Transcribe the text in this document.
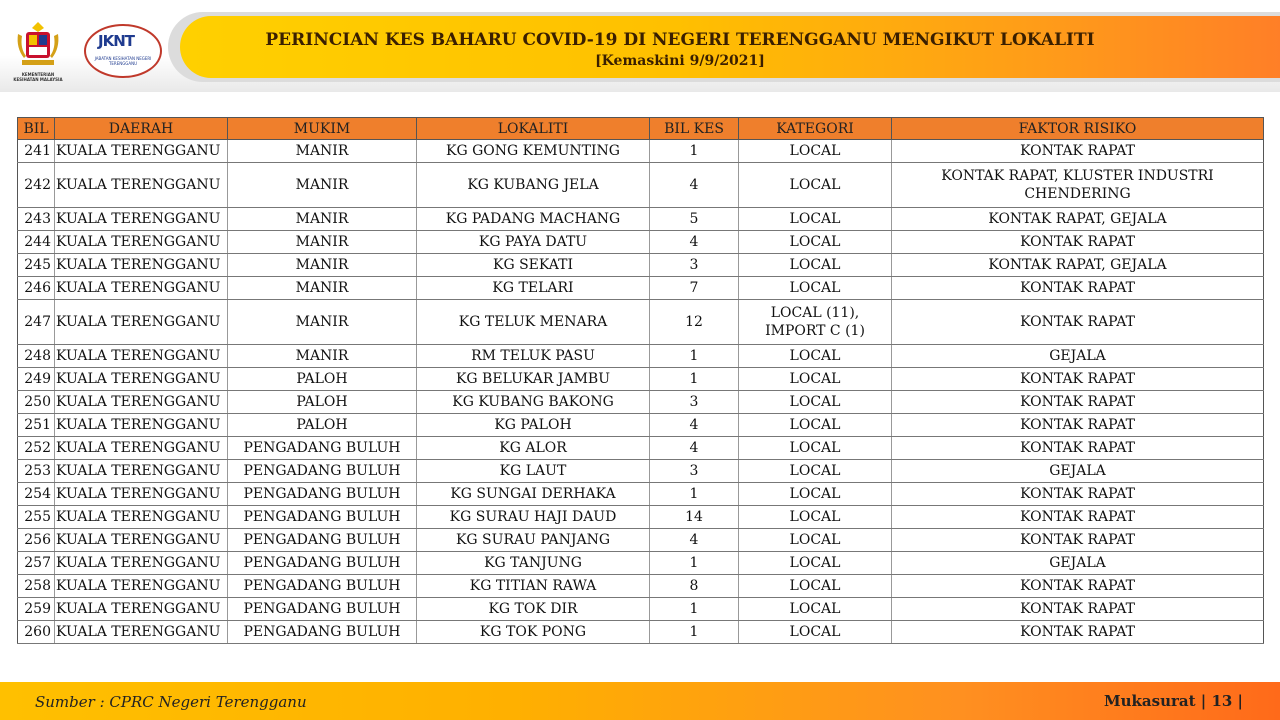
KEMENTERIAN KESIHATAN MALAYSIA
JKNT
JABATAN KESIHATAN NEGERI TERENGGANU
PERINCIAN KES BAHARU COVID-19 DI NEGERI TERENGGANU MENGIKUT LOKALITI
[Kemaskini 9/9/2021]
BIL	DAERAH	MUKIM	LOKALITI	BIL KES	KATEGORI	FAKTOR RISIKO
241	KUALA TERENGGANU	MANIR	KG GONG KEMUNTING	1	LOCAL	KONTAK RAPAT
242	KUALA TERENGGANU	MANIR	KG KUBANG JELA	4	LOCAL	KONTAK RAPAT, KLUSTER INDUSTRI CHENDERING
243	KUALA TERENGGANU	MANIR	KG PADANG MACHANG	5	LOCAL	KONTAK RAPAT, GEJALA
244	KUALA TERENGGANU	MANIR	KG PAYA DATU	4	LOCAL	KONTAK RAPAT
245	KUALA TERENGGANU	MANIR	KG SEKATI	3	LOCAL	KONTAK RAPAT, GEJALA
246	KUALA TERENGGANU	MANIR	KG TELARI	7	LOCAL	KONTAK RAPAT
247	KUALA TERENGGANU	MANIR	KG TELUK MENARA	12	LOCAL (11), IMPORT C (1)	KONTAK RAPAT
248	KUALA TERENGGANU	MANIR	RM TELUK PASU	1	LOCAL	GEJALA
249	KUALA TERENGGANU	PALOH	KG BELUKAR JAMBU	1	LOCAL	KONTAK RAPAT
250	KUALA TERENGGANU	PALOH	KG KUBANG BAKONG	3	LOCAL	KONTAK RAPAT
251	KUALA TERENGGANU	PALOH	KG PALOH	4	LOCAL	KONTAK RAPAT
252	KUALA TERENGGANU	PENGADANG BULUH	KG ALOR	4	LOCAL	KONTAK RAPAT
253	KUALA TERENGGANU	PENGADANG BULUH	KG LAUT	3	LOCAL	GEJALA
254	KUALA TERENGGANU	PENGADANG BULUH	KG SUNGAI DERHAKA	1	LOCAL	KONTAK RAPAT
255	KUALA TERENGGANU	PENGADANG BULUH	KG SURAU HAJI DAUD	14	LOCAL	KONTAK RAPAT
256	KUALA TERENGGANU	PENGADANG BULUH	KG SURAU PANJANG	4	LOCAL	KONTAK RAPAT
257	KUALA TERENGGANU	PENGADANG BULUH	KG TANJUNG	1	LOCAL	GEJALA
258	KUALA TERENGGANU	PENGADANG BULUH	KG TITIAN RAWA	8	LOCAL	KONTAK RAPAT
259	KUALA TERENGGANU	PENGADANG BULUH	KG TOK DIR	1	LOCAL	KONTAK RAPAT
260	KUALA TERENGGANU	PENGADANG BULUH	KG TOK PONG	1	LOCAL	KONTAK RAPAT
Sumber : CPRC Negeri Terengganu	Mukasurat | 13 |
